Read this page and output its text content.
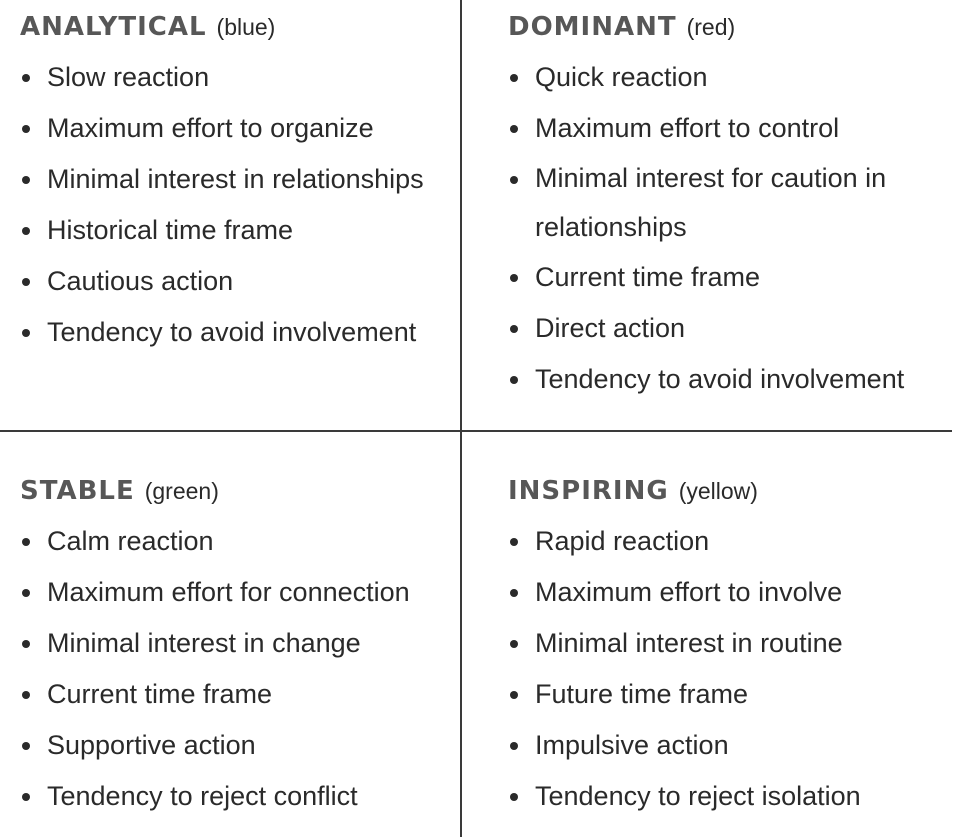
ANALYTICAL (blue)
Slow reaction
Maximum effort to organize
Minimal interest in relationships
Historical time frame
Cautious action
Tendency to avoid involvement
DOMINANT (red)
Quick reaction
Maximum effort to control
Minimal interest for caution in relationships
Current time frame
Direct action
Tendency to avoid involvement
STABLE (green)
Calm reaction
Maximum effort for connection
Minimal interest in change
Current time frame
Supportive action
Tendency to reject conflict
INSPIRING (yellow)
Rapid reaction
Maximum effort to involve
Minimal interest in routine
Future time frame
Impulsive action
Tendency to reject isolation
